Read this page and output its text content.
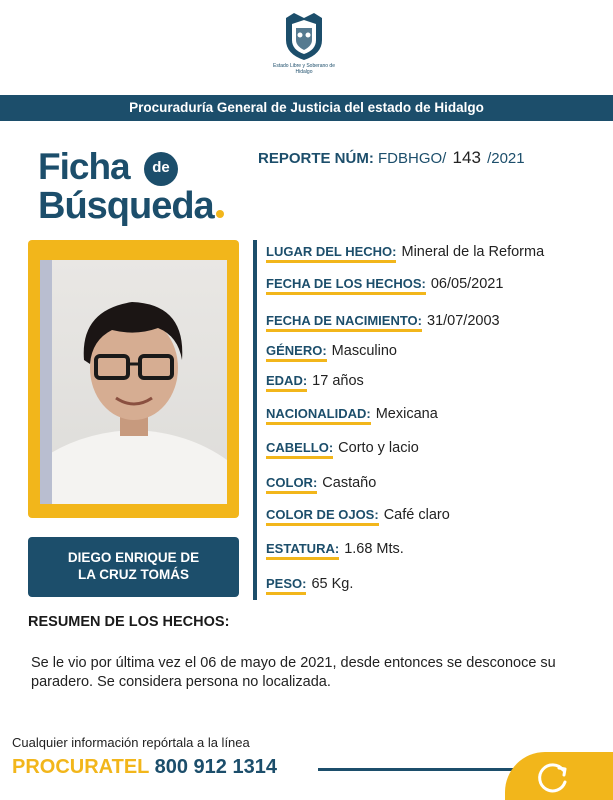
Estado Libre y Soberano de Hidalgo
Procuraduría General de Justicia del estado de Hidalgo
Ficha	de
Búsqueda
REPORTE NÚM: FDBHGO/ 143 /2021
DIEGO ENRIQUE DE
LA CRUZ TOMÁS
LUGAR DEL HECHO: Mineral de la Reforma
FECHA DE LOS HECHOS: 06/05/2021
FECHA DE NACIMIENTO: 31/07/2003
GÉNERO: Masculino
EDAD: 17 años
NACIONALIDAD: Mexicana
CABELLO: Corto y lacio
COLOR: Castaño
COLOR DE OJOS: Café claro
ESTATURA: 1.68 Mts.
PESO: 65 Kg.
RESUMEN DE LOS HECHOS:
Se le vio por última vez el 06 de mayo de 2021, desde entonces se desconoce su paradero. Se considera persona no localizada.
Cualquier información repórtala a la línea
PROCURATEL 800 912 1314
